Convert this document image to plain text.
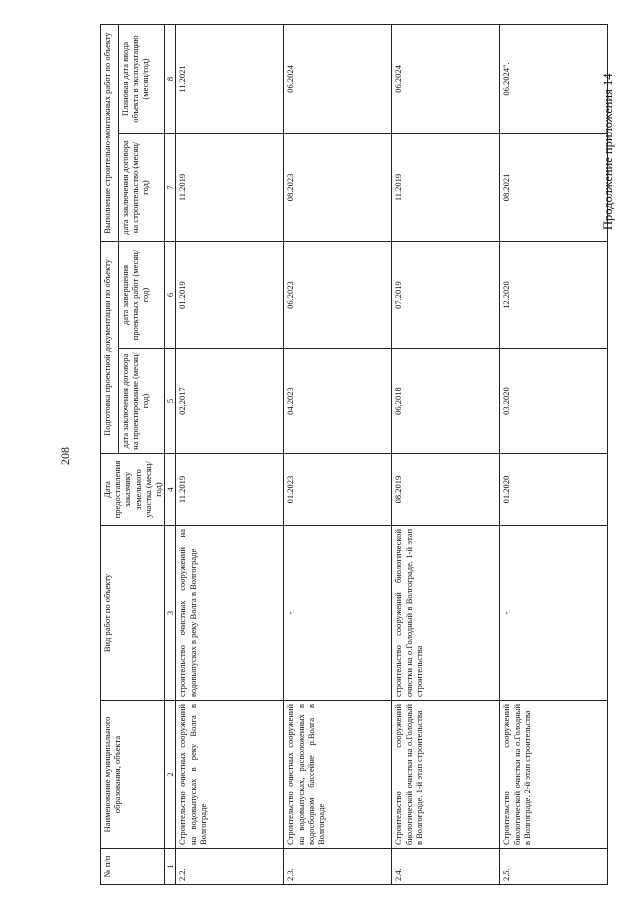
208
Продолжение приложения 14
№ п/п	Наименование муниципального образования, объекта	Вид работ по объекту	Дата предоставления заказчику земельного участка (месяц/год)	Подготовка проектной документации по объекту		Выполнение строительно-монтажных работ по объекту	
				дата заключения договора на проектирование (месяц/год)	дата завершения проектных работ (месяц/год)	дата заключения договора на строительство (месяц/год)	Плановая дата ввода объекта в эксплуатацию (месяц/год)
1	2	3	4	5	6	7	8
2.2.	Строительство очистных сооружений на водовыпусках в реку Волга в Волгограде	строительство очистных сооружений на водовыпусках в реку Волга в Волгограде	11.2019	02.2017	01.2019	11.2019	11.2021
2.3.	Строительство очистных сооружений на водовыпусках, расположенных в водосборном бассейне р.Волга в Волгограде	-	01.2023	04.2023	06.2023	08.2023	06.2024
2.4.	Строительство сооружений биологической очистки на о.Голодный в Волгограде. 1-й этап строительства	строительство сооружений биологической очистки на о.Голодный в Волгограде. 1-й этап строительства	08.2019	06.2018	07.2019	11.2019	06.2024
2.5.	Строительство сооружений биологической очистки на о.Голодный в Волгограде. 2-й этап строительства	-	01.2020	03.2020	12.2020	08.2021	06.2024".
